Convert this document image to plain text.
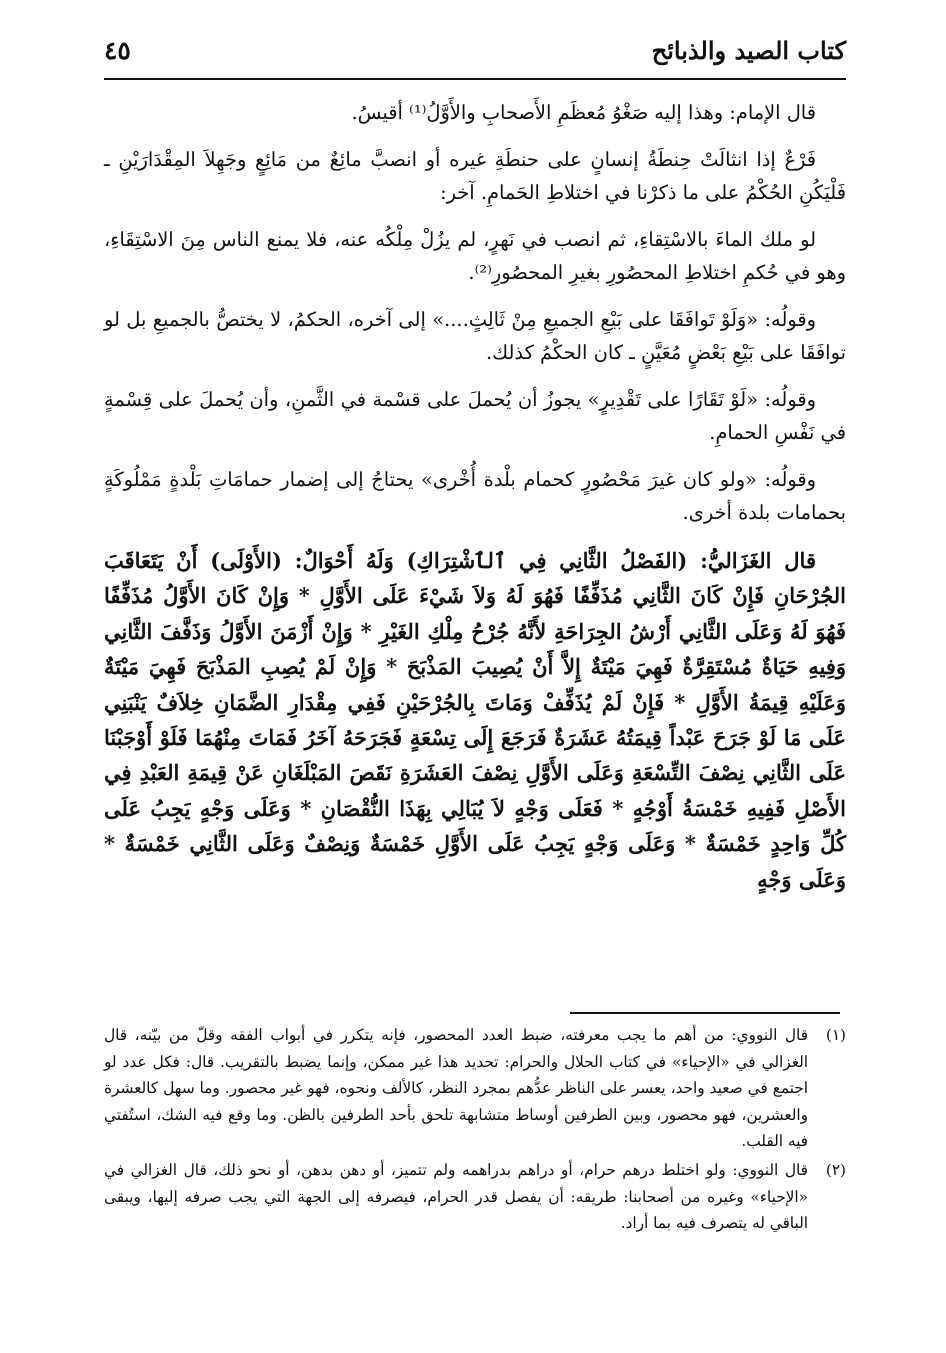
كتاب الصيد والذبائح
٤٥

قال الإمام: وهذا إليه صَغْوُ مُعظَمِ الأَصحابِ والأَوَّلُ⁽¹⁾ أقيسُ.

فَرْعٌ إذا انثالَتْ حِنطَةُ إنسانٍ على حنطَةِ غيره أو انصبَّ مائِعٌ من مَائِعٍ وجَهِلاَ المِقْدَارَيْنِ ـ فَلْيَكُنِ الحُكْمُ على ما ذكرْنا في اختلاطِ الحَمامِ. آخر:

لو ملك الماءَ بالاسْتِقاءِ، ثم انصب في نَهرٍ، لم يزُلْ مِلْكُه عنه، فلا يمنع الناس مِنَ الاسْتِقَاءِ، وهو في حُكمِ اختلاطِ المحصُورِ بغيرِ المحصُورِ⁽²⁾.

وقولُه: «وَلَوْ تَوافَقَا على بَيْعِ الجميعِ مِنْ ثَالِثٍ....» إلى آخره، الحكمُ، لا يختصُّ بالجميعِ بل لو توافَقَا على بَيْعِ بَعْضٍ مُعَيَّنٍ ـ كان الحكْمُ كذلك.

وقولُه: «لَوْ تَقَارًا على تَقْدِيرٍ» يجوزُ أن يُحملَ على قسْمة في الثَّمنِ، وأن يُحملَ على قِسْمةٍ في نَفْسِ الحمامِ.

وقولُه: «ولو كان غيرَ مَحْصُورٍ كحمام بلْدة أُخْرى» يحتاجُ إلى إضمار حمامَاتِ بَلْدةٍ مَمْلُوكَةٍ بحمامات بلدة أخرى.

قال الغَزَاليُّ: (الفَصْلُ الثَّانِي فِي ٱلٱشْتِرَاكِ) وَلَهُ أَحْوَالٌ: (الأَوْلَى) أَنْ يَتَعَاقَبَ الجُرْحَانِ فَإِنْ كَانَ الثَّانِي مُذَفِّفًا فَهُوَ لَهُ وَلاَ شَيْءَ عَلَى الأَوَّلِ * وَإِنْ كَانَ الأَوَّلُ مُذَفِّفًا فَهُوَ لَهُ وَعَلَى الثَّانِي أَرْشُ الجِرَاحَةِ لأَنَّهُ جُرْحُ مِلْكِ الغَيْرِ * وَإِنْ أَزْمَنَ الأَوَّلُ وَذَفَّفَ الثَّانِي وَفِيهِ حَيَاةٌ مُسْتَقِرَّةٌ فَهِيَ مَيْتَةٌ إِلاَّ أَنْ يُصِيبَ المَذْبَحَ * وَإِنْ لَمْ يُصِبِ المَذْبَحَ فَهِيَ مَيْتَةٌ وَعَلَيْهِ قِيمَةُ الأَوَّلِ * فَإِنْ لَمْ يُذَفِّفْ وَمَاتَ بِالجُرْحَيْنِ فَفِي مِقْدَارِ الضَّمَانِ خِلاَفٌ يَنْبَنِي عَلَى مَا لَوْ جَرَحَ عَبْداً قِيمَتُهُ عَشَرَةٌ فَرَجَعَ إِلَى تِسْعَةٍ فَجَرَحَهُ آخَرُ فَمَاتَ مِنْهُمَا فَلَوْ أَوْجَبْنَا عَلَى الثَّانِي نِصْفَ التِّسْعَةِ وَعَلَى الأَوَّلِ نِصْفَ العَشَرَةِ نَقَصَ المَبْلَغَانِ عَنْ قِيمَةِ العَبْدِ فِي الأَصْلِ فَفِيهِ خَمْسَةُ أَوْجُهٍ * فَعَلَى وَجْهٍ لاَ يُبَالِي بِهَذَا النُّقْصَانِ * وَعَلَى وَجْهٍ يَجِبُ عَلَى كُلِّ وَاحِدٍ خَمْسَةٌ * وَعَلَى وَجْهٍ يَجِبُ عَلَى الأَوَّلِ خَمْسَةٌ وَنِصْفٌ وَعَلَى الثَّانِي خَمْسَةٌ * وَعَلَى وَجْهٍ

(١)
قال النووي: من أهم ما يجب معرفته، ضبط العدد المحصور، فإنه يتكرر في أبواب الفقه وقلّ من بيّنه، قال الغزالي في «الإحياء» في كتاب الحلال والحرام: تحديد هذا غير ممكن، وإنما يضبط بالتقريب. قال: فكل عدد لو اجتمع في صعيد واحد، يعسر على الناظر عدُّهم بمجرد النظر، كالألف ونحوه، فهو غير محصور. وما سهل كالعشرة والعشرين، فهو محصور، وبين الطرفين أوساط متشابهة تلحق بأحد الطرفين بالظن. وما وقع فيه الشك، استُفتي فيه القلب.
(٢)
قال النووي: ولو اختلط درهم حرام، أو دراهم بدراهمه ولم تتميز، أو دهن بدهن، أو نحو ذلك، قال الغزالي في «الإحياء» وغيره من أصحابنا: طريقه: أن يفصل قدر الحرام، فيصرفه إلى الجهة التي يجب صرفه إليها، ويبقى الباقي له يتصرف فيه بما أراد.
